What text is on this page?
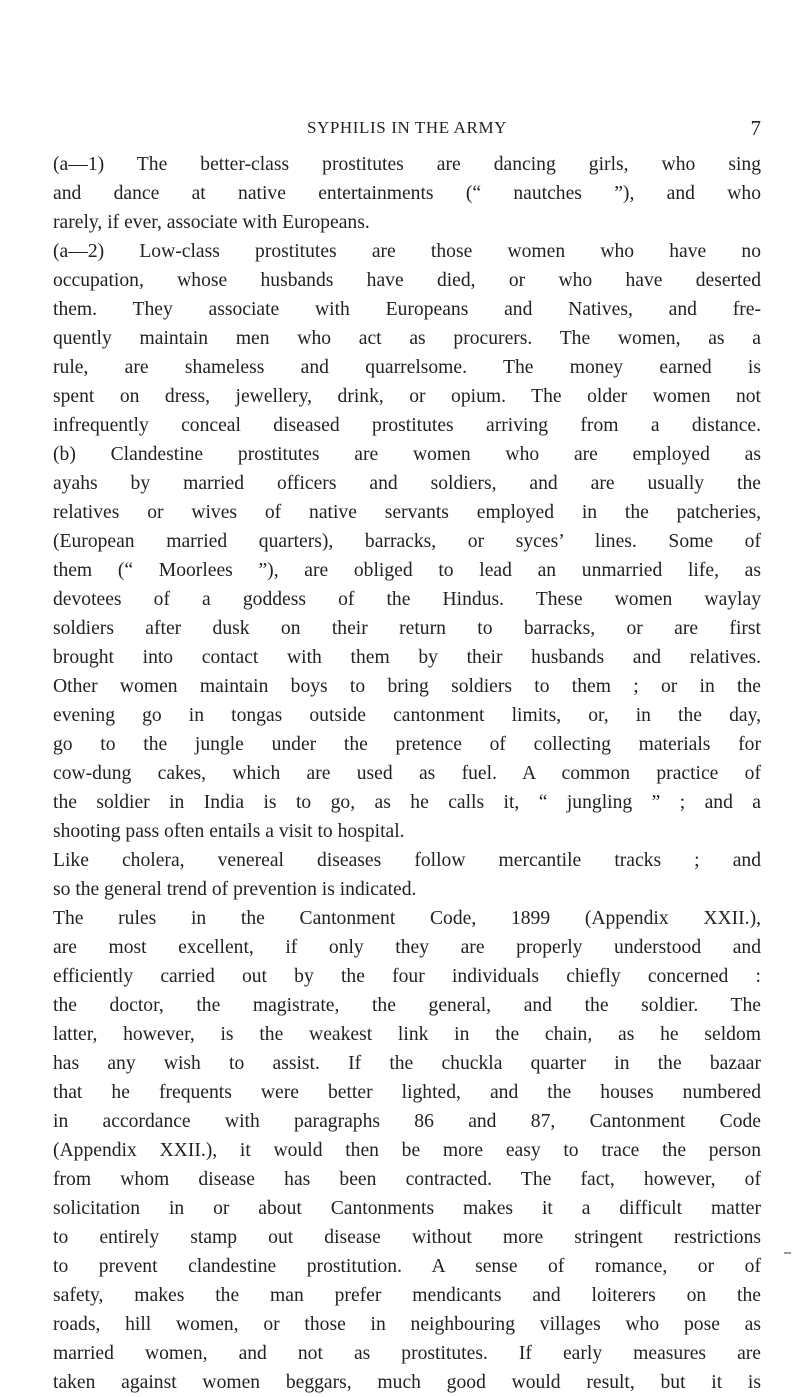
SYPHILIS IN THE ARMY	7
(a—1) The better-class prostitutes are dancing girls, who sing
and dance at native entertainments (“ nautches ”), and who
rarely, if ever, associate with Europeans.
(a—2) Low-class prostitutes are those women who have no
occupation, whose husbands have died, or who have deserted
them. They associate with Europeans and Natives, and fre-
quently maintain men who act as procurers. The women, as a
rule, are shameless and quarrelsome. The money earned is
spent on dress, jewellery, drink, or opium. The older women not
infrequently conceal diseased prostitutes arriving from a distance.
(b) Clandestine prostitutes are women who are employed as
ayahs by married officers and soldiers, and are usually the
relatives or wives of native servants employed in the patcheries,
(European married quarters), barracks, or syces’ lines. Some of
them (“ Moorlees ”), are obliged to lead an unmarried life, as
devotees of a goddess of the Hindus. These women waylay
soldiers after dusk on their return to barracks, or are first
brought into contact with them by their husbands and relatives.
Other women maintain boys to bring soldiers to them ; or in the
evening go in tongas outside cantonment limits, or, in the day,
go to the jungle under the pretence of collecting materials for
cow-dung cakes, which are used as fuel. A common practice of
the soldier in India is to go, as he calls it, “ jungling ” ; and a
shooting pass often entails a visit to hospital.
Like cholera, venereal diseases follow mercantile tracks ; and
so the general trend of prevention is indicated.
The rules in the Cantonment Code, 1899 (Appendix XXII.),
are most excellent, if only they are properly understood and
efficiently carried out by the four individuals chiefly concerned :
the doctor, the magistrate, the general, and the soldier. The
latter, however, is the weakest link in the chain, as he seldom
has any wish to assist. If the chuckla quarter in the bazaar
that he frequents were better lighted, and the houses numbered
in accordance with paragraphs 86 and 87, Cantonment Code
(Appendix XXII.), it would then be more easy to trace the person
from whom disease has been contracted. The fact, however, of
solicitation in or about Cantonments makes it a difficult matter
to entirely stamp out disease without more stringent restrictions
to prevent clandestine prostitution. A sense of romance, or of
safety, makes the man prefer mendicants and loiterers on the
roads, hill women, or those in neighbouring villages who pose as
married women, and not as prostitutes. If early measures are
taken against women beggars, much good would result, but it is
